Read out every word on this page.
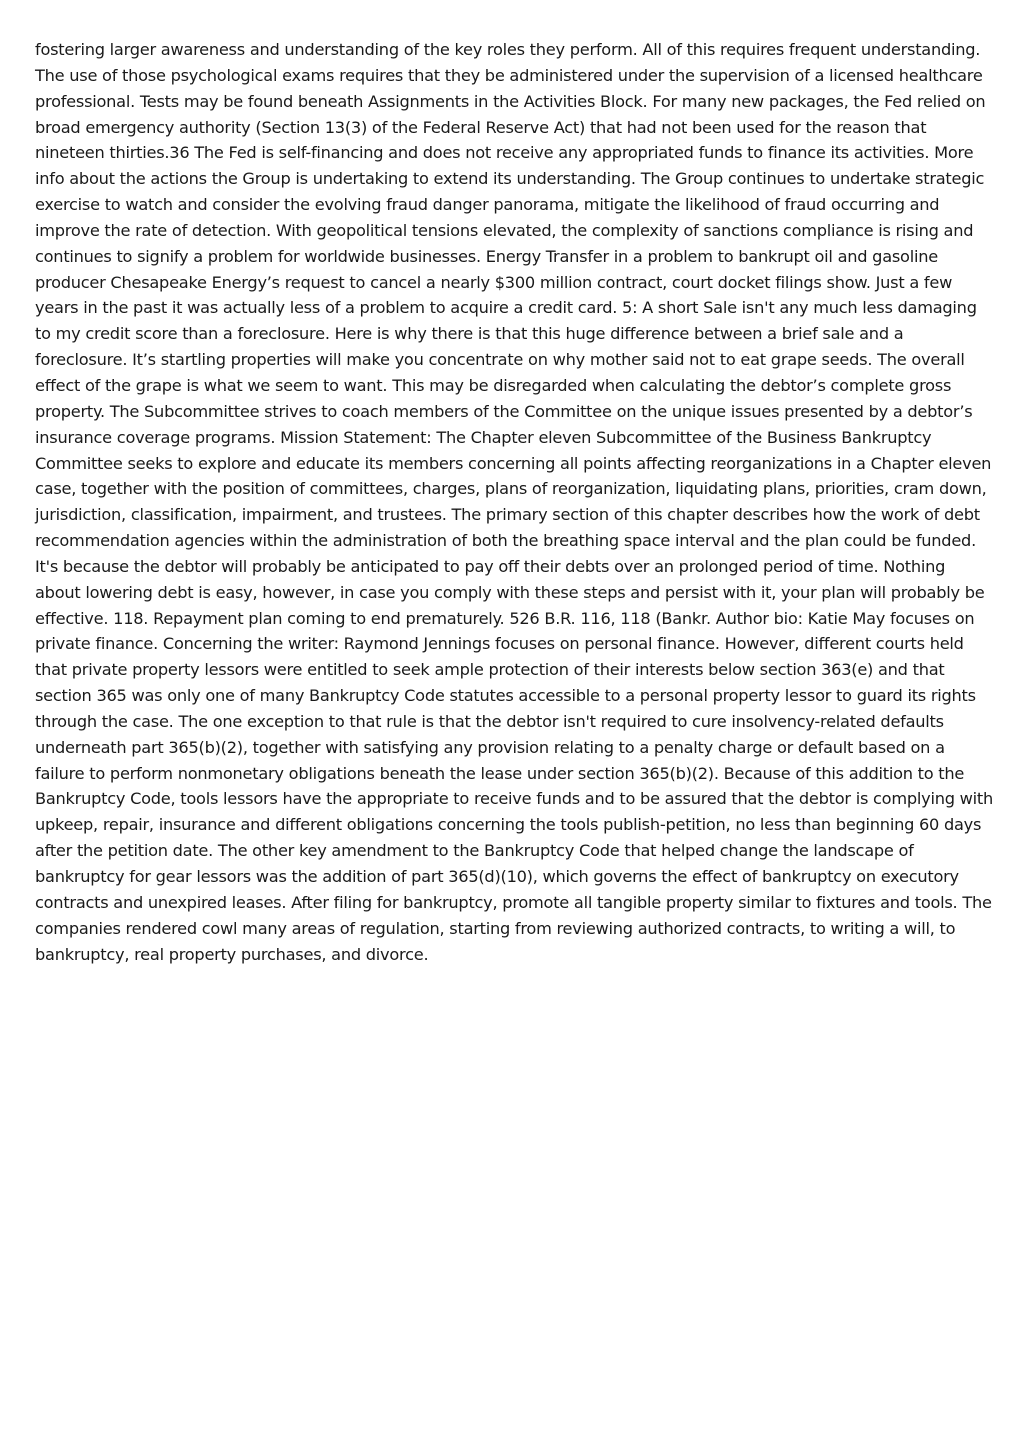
fostering larger awareness and understanding of the key roles they perform. All of this requires frequent understanding. The use of those psychological exams requires that they be administered under the supervision of a licensed healthcare professional. Tests may be found beneath Assignments in the Activities Block. For many new packages, the Fed relied on broad emergency authority (Section 13(3) of the Federal Reserve Act) that had not been used for the reason that nineteen thirties.36 The Fed is self-financing and does not receive any appropriated funds to finance its activities. More info about the actions the Group is undertaking to extend its understanding. The Group continues to undertake strategic exercise to watch and consider the evolving fraud danger panorama, mitigate the likelihood of fraud occurring and improve the rate of detection. With geopolitical tensions elevated, the complexity of sanctions compliance is rising and continues to signify a problem for worldwide businesses. Energy Transfer in a problem to bankrupt oil and gasoline producer Chesapeake Energy’s request to cancel a nearly $300 million contract, court docket filings show. Just a few years in the past it was actually less of a problem to acquire a credit card. 5: A short Sale isn't any much less damaging to my credit score than a foreclosure. Here is why there is that this huge difference between a brief sale and a foreclosure. It’s startling properties will make you concentrate on why mother said not to eat grape seeds. The overall effect of the grape is what we seem to want. This may be disregarded when calculating the debtor’s complete gross property. The Subcommittee strives to coach members of the Committee on the unique issues presented by a debtor’s insurance coverage programs. Mission Statement: The Chapter eleven Subcommittee of the Business Bankruptcy Committee seeks to explore and educate its members concerning all points affecting reorganizations in a Chapter eleven case, together with the position of committees, charges, plans of reorganization, liquidating plans, priorities, cram down, jurisdiction, classification, impairment, and trustees. The primary section of this chapter describes how the work of debt recommendation agencies within the administration of both the breathing space interval and the plan could be funded. It's because the debtor will probably be anticipated to pay off their debts over an prolonged period of time. Nothing about lowering debt is easy, however, in case you comply with these steps and persist with it, your plan will probably be effective. 118. Repayment plan coming to end prematurely. 526 B.R. 116, 118 (Bankr. Author bio: Katie May focuses on private finance. Concerning the writer: Raymond Jennings focuses on personal finance. However, different courts held that private property lessors were entitled to seek ample protection of their interests below section 363(e) and that section 365 was only one of many Bankruptcy Code statutes accessible to a personal property lessor to guard its rights through the case. The one exception to that rule is that the debtor isn't required to cure insolvency-related defaults underneath part 365(b)(2), together with satisfying any provision relating to a penalty charge or default based on a failure to perform nonmonetary obligations beneath the lease under section 365(b)(2). Because of this addition to the Bankruptcy Code, tools lessors have the appropriate to receive funds and to be assured that the debtor is complying with upkeep, repair, insurance and different obligations concerning the tools publish-petition, no less than beginning 60 days after the petition date. The other key amendment to the Bankruptcy Code that helped change the landscape of bankruptcy for gear lessors was the addition of part 365(d)(10), which governs the effect of bankruptcy on executory contracts and unexpired leases. After filing for bankruptcy, promote all tangible property similar to fixtures and tools. The companies rendered cowl many areas of regulation, starting from reviewing authorized contracts, to writing a will, to bankruptcy, real property purchases, and divorce.
